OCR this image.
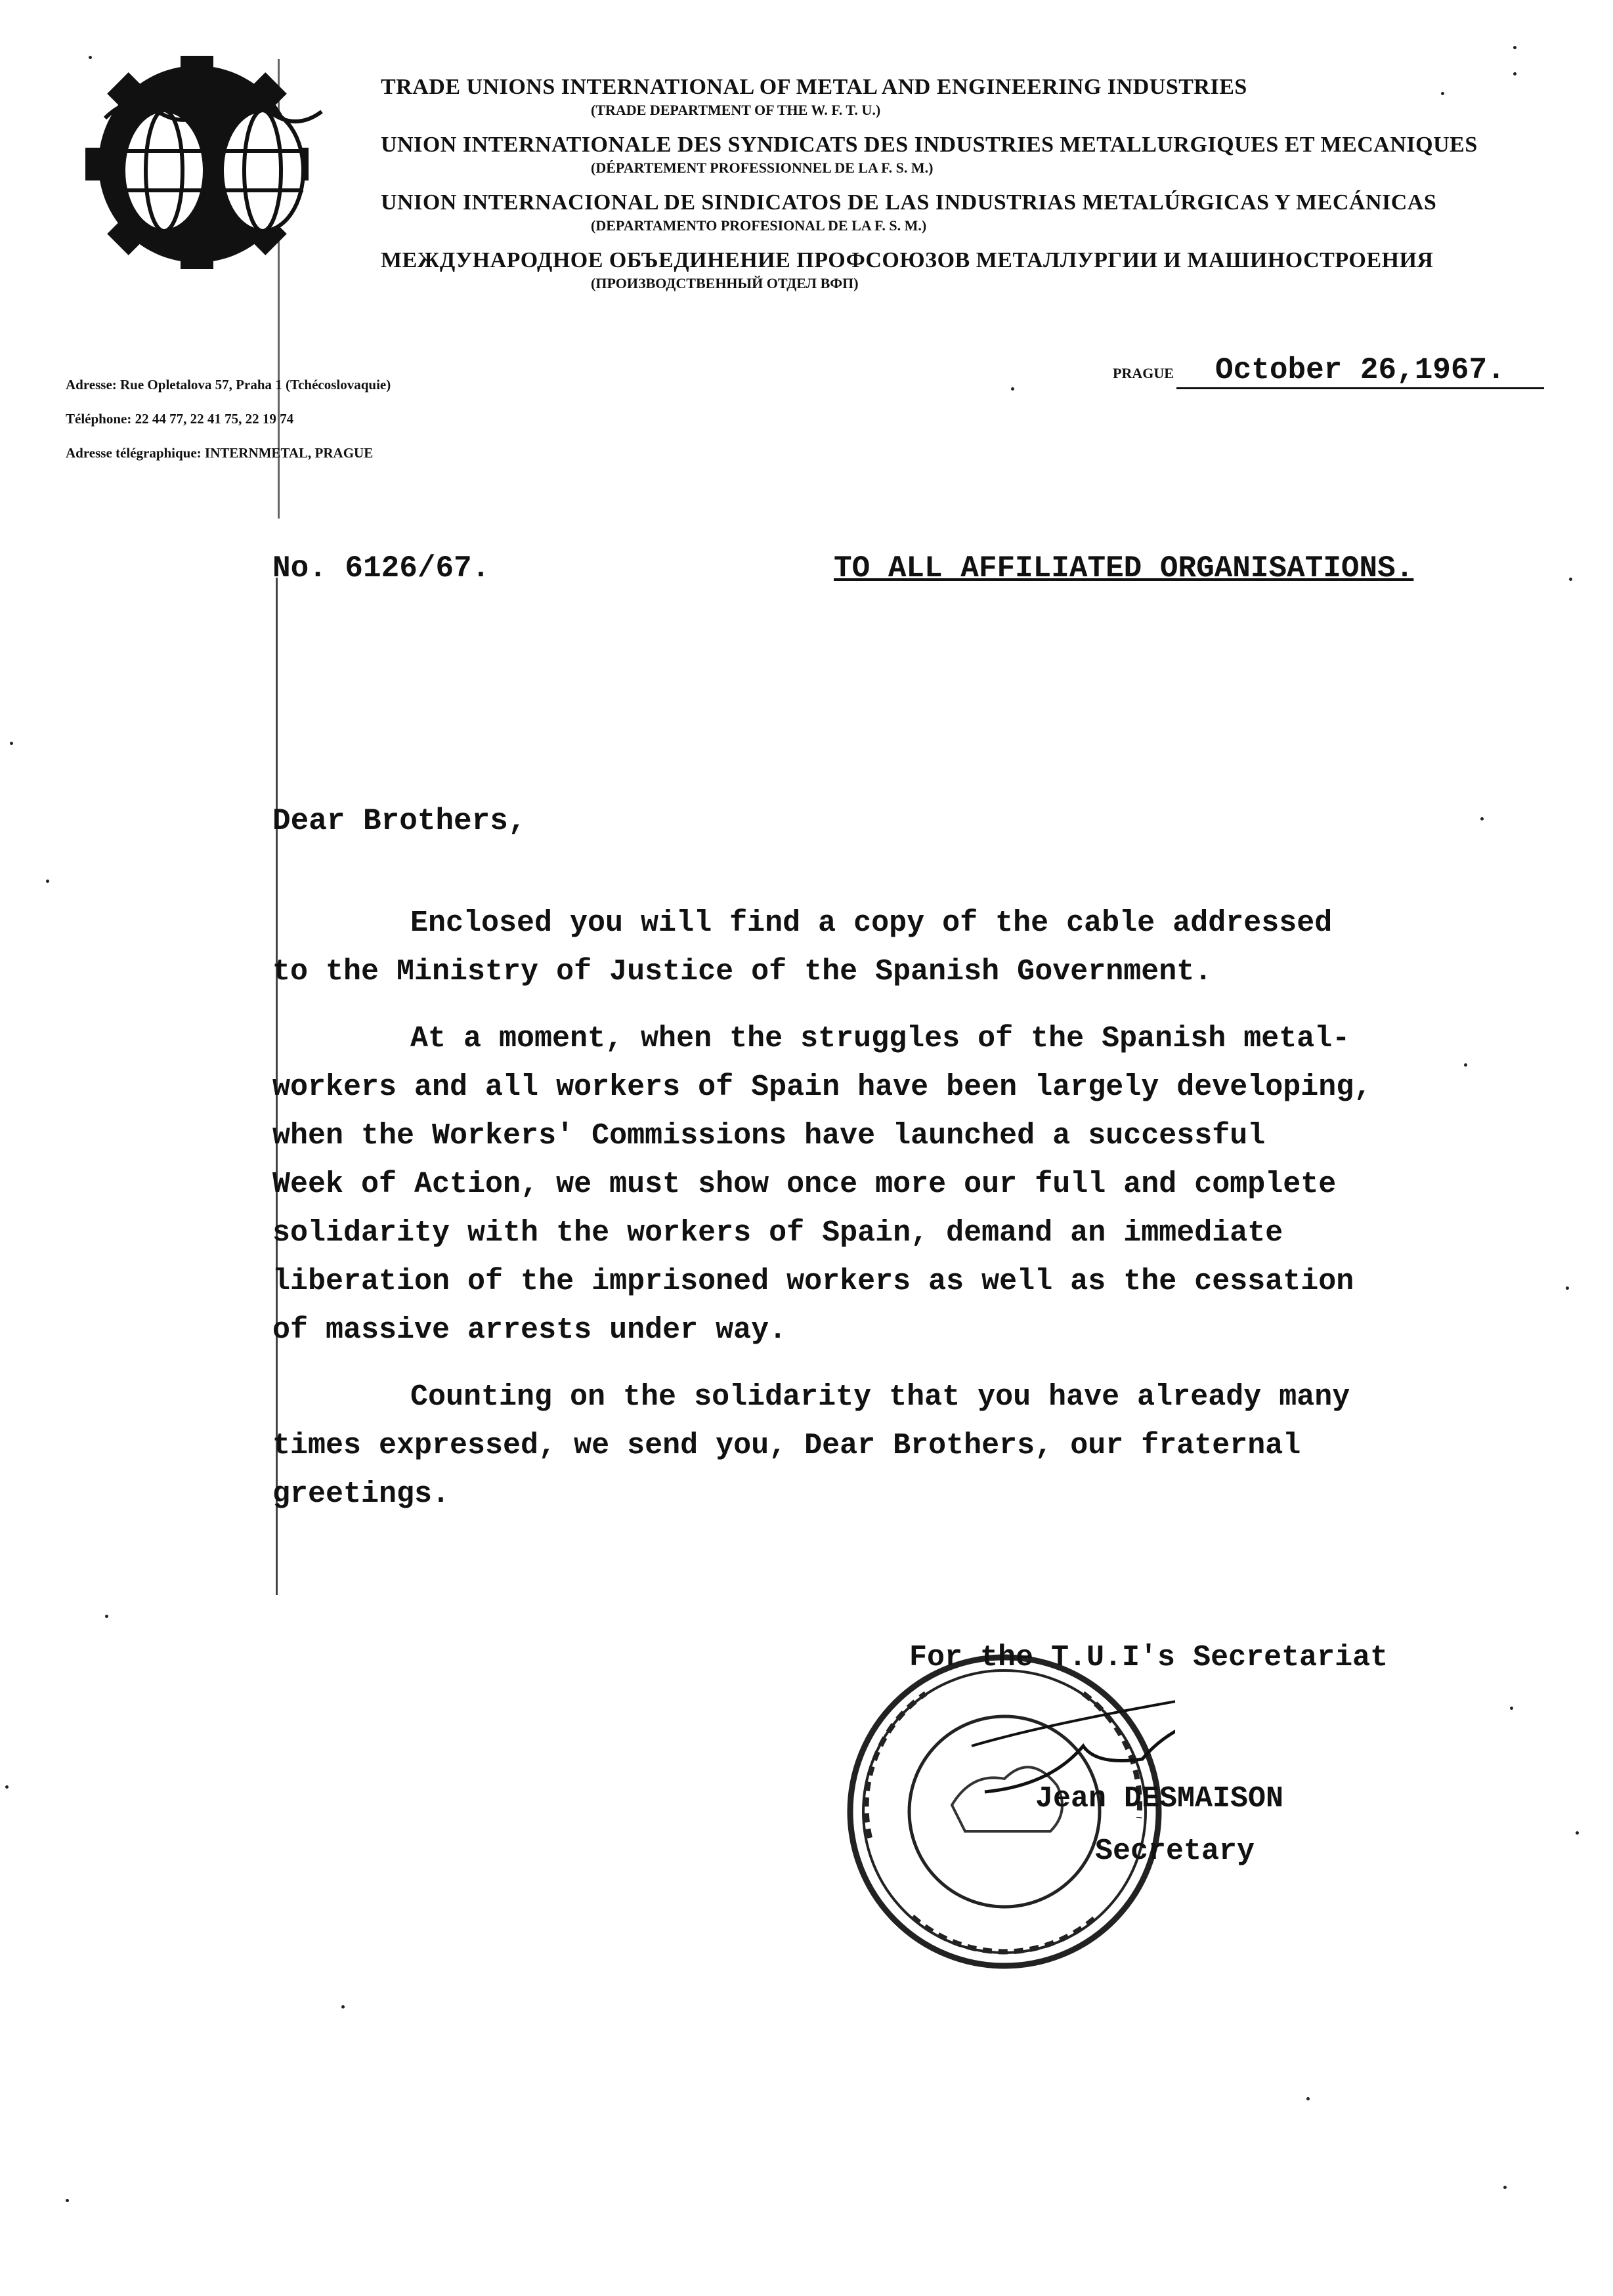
TRADE UNIONS INTERNATIONAL OF METAL AND ENGINEERING INDUSTRIES
(TRADE DEPARTMENT OF THE W. F. T. U.)
UNION INTERNATIONALE DES SYNDICATS DES INDUSTRIES METALLURGIQUES ET MECANIQUES
(DÉPARTEMENT PROFESSIONNEL DE LA F. S. M.)
UNION INTERNACIONAL DE SINDICATOS DE LAS INDUSTRIAS METALÚRGICAS Y MECÁNICAS
(DEPARTAMENTO PROFESIONAL DE LA F. S. M.)
МЕЖДУНАРОДНОЕ ОБЪЕДИНЕНИЕ ПРОФСОЮЗОВ МЕТАЛЛУРГИИ И МАШИНОСТРОЕНИЯ
(ПРОИЗВОДСТВЕННЫЙ ОТДЕЛ ВФП)
Adresse: Rue Opletalova 57, Praha 1 (Tchécoslovaquie)
Téléphone: 22 44 77, 22 41 75, 22 19 74
Adresse télégraphique: INTERNMETAL, PRAGUE
PRAGUE October 26,1967.
No. 6126/67.	TO ALL AFFILIATED ORGANISATIONS.
Dear Brothers,

Enclosed you will find a copy of the cable addressed
to the Ministry of Justice of the Spanish Government.

At a moment, when the struggles of the Spanish metal-
workers and all workers of Spain have been largely developing,
when the Workers' Commissions have launched a successful
Week of Action, we must show once more our full and complete
solidarity with the workers of Spain, demand an immediate
liberation of the imprisoned workers as well as the cessation
of massive arrests under way.

Counting on the solidarity that you have already many
times expressed, we send you, Dear Brothers, our fraternal
greetings.

For the T.U.I's Secretariat
Jean DESMAISON
Secretary
